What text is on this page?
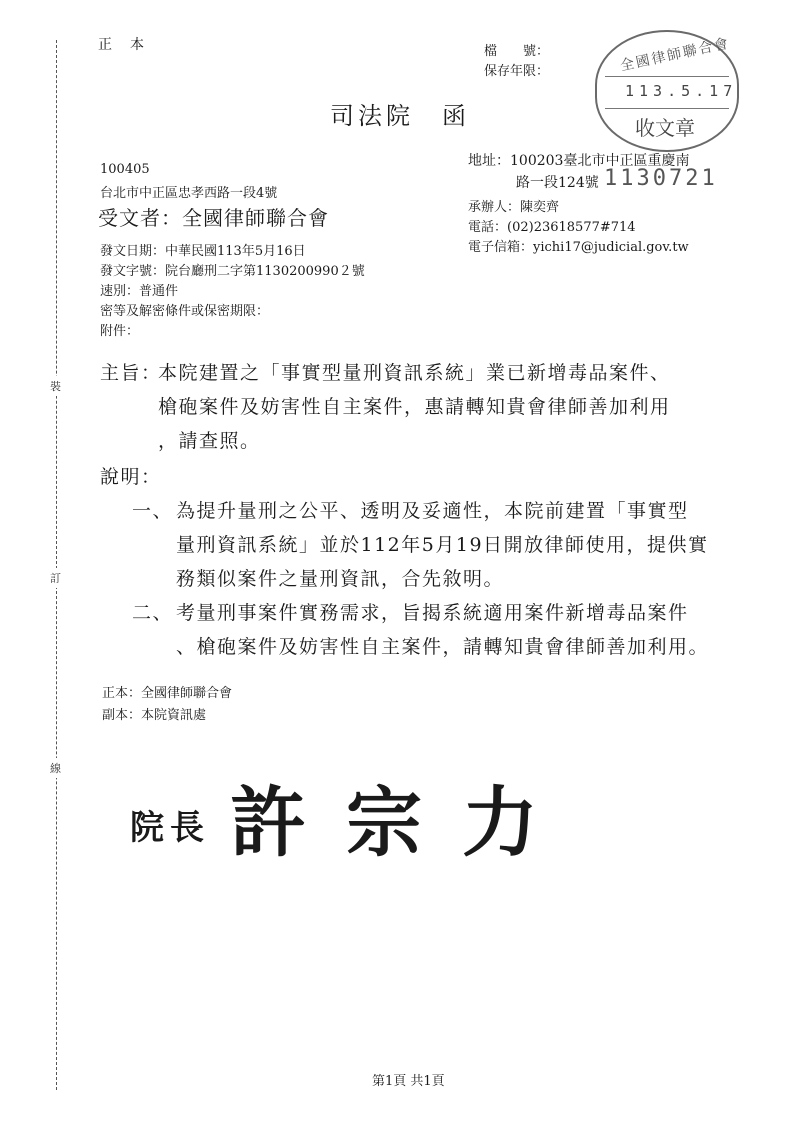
裝
訂
線
正　本	檔　　號：
保存年限：	全國律師聯合會
113.5.17
收文章
司法院　函
100405
台北市中正區忠孝西路一段4號
受文者：全國律師聯合會
地址：100203臺北市中正區重慶南
路一段124號 1130721
承辦人：陳奕齊
電話：(02)23618577#714
電子信箱：yichi17@judicial.gov.tw
發文日期：中華民國113年5月16日
發文字號：院台廳刑二字第1130200990２號
速別：普通件
密等及解密條件或保密期限：
附件：
主旨：
本院建置之「事實型量刑資訊系統」業已新增毒品案件、
槍砲案件及妨害性自主案件，惠請轉知貴會律師善加利用
，請查照。
說明：
一、 為提升量刑之公平、透明及妥適性，本院前建置「事實型
量刑資訊系統」並於112年5月19日開放律師使用，提供實
務類似案件之量刑資訊，合先敘明。
二、 考量刑事案件實務需求，旨揭系統適用案件新增毒品案件
、槍砲案件及妨害性自主案件，請轉知貴會律師善加利用。
正本：全國律師聯合會
副本：本院資訊處
院長 許宗力
第1頁 共1頁
